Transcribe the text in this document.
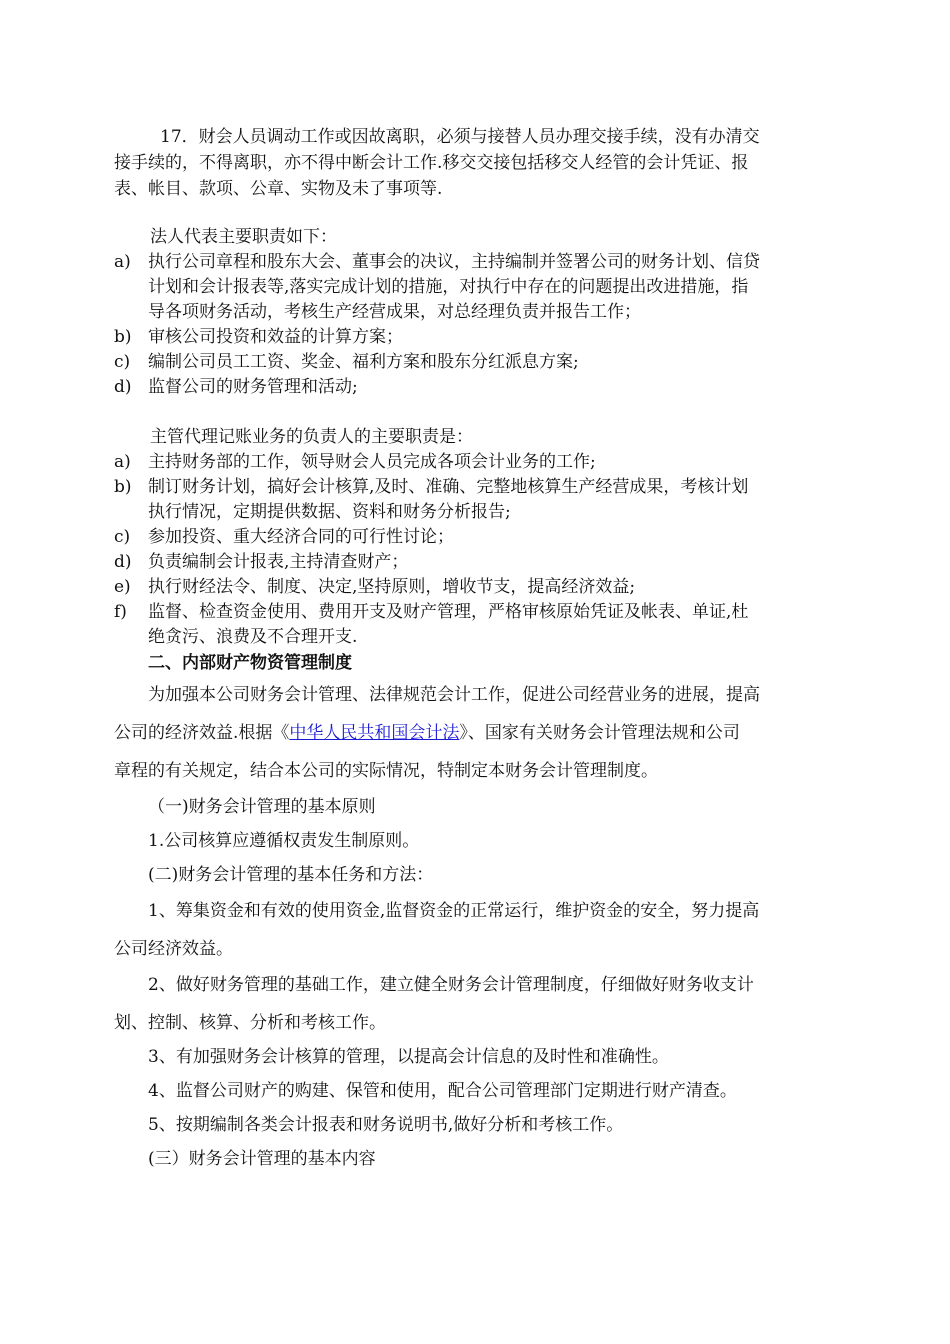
17．财会人员调动工作或因故离职，必须与接替人员办理交接手续，没有办清交
接手续的，不得离职，亦不得中断会计工作.移交交接包括移交人经管的会计凭证、报
表、帐目、款项、公章、实物及未了事项等.
法人代表主要职责如下：
a) 执行公司章程和股东大会、董事会的决议，主持编制并签署公司的财务计划、信贷
计划和会计报表等,落实完成计划的措施，对执行中存在的问题提出改进措施，指
导各项财务活动，考核生产经营成果，对总经理负责并报告工作；
b) 审核公司投资和效益的计算方案；
c) 编制公司员工工资、奖金、福利方案和股东分红派息方案;
d) 监督公司的财务管理和活动;
主管代理记账业务的负责人的主要职责是：
a) 主持财务部的工作，领导财会人员完成各项会计业务的工作;
b) 制订财务计划，搞好会计核算,及时、准确、完整地核算生产经营成果，考核计划
执行情况，定期提供数据、资料和财务分析报告;
c) 参加投资、重大经济合同的可行性讨论；
d) 负责编制会计报表,主持清查财产；
e) 执行财经法令、制度、决定,坚持原则，增收节支，提高经济效益;
f) 监督、检查资金使用、费用开支及财产管理，严格审核原始凭证及帐表、单证,杜
绝贪污、浪费及不合理开支.
二、内部财产物资管理制度
为加强本公司财务会计管理、法律规范会计工作，促进公司经营业务的进展，提高
公司的经济效益.根据《中华人民共和国会计法》、国家有关财务会计管理法规和公司
章程的有关规定，结合本公司的实际情况，特制定本财务会计管理制度。
（一)财务会计管理的基本原则
1.公司核算应遵循权责发生制原则。
(二)财务会计管理的基本任务和方法：
1、筹集资金和有效的使用资金,监督资金的正常运行，维护资金的安全，努力提高
公司经济效益。
2、做好财务管理的基础工作，建立健全财务会计管理制度，仔细做好财务收支计
划、控制、核算、分析和考核工作。
3、有加强财务会计核算的管理，以提高会计信息的及时性和准确性。
4、监督公司财产的购建、保管和使用，配合公司管理部门定期进行财产清查。
5、按期编制各类会计报表和财务说明书,做好分析和考核工作。
(三）财务会计管理的基本内容
